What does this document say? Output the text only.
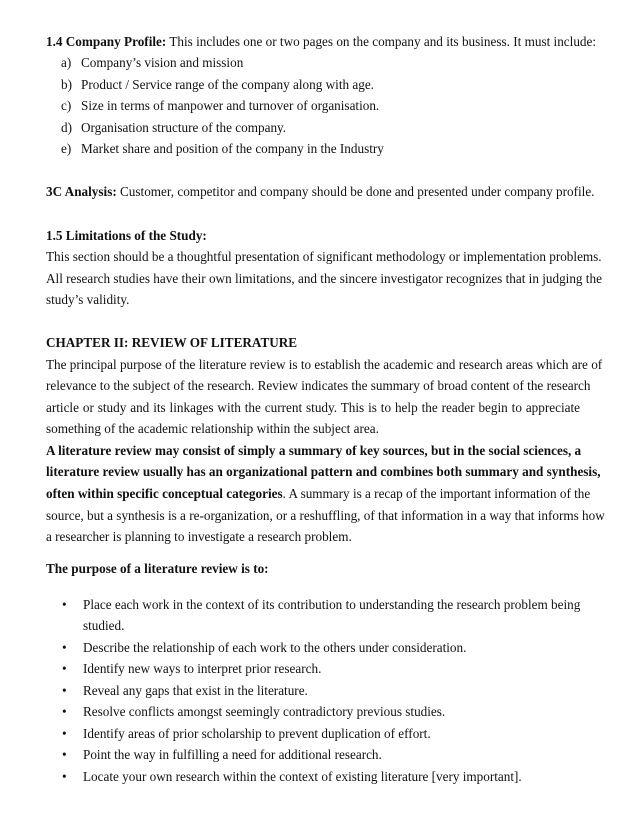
1.4 Company Profile: This includes one or two pages on the company and its business. It must include:
a) Company’s vision and mission
b) Product / Service range of the company along with age.
c) Size in terms of manpower and turnover of organisation.
d) Organisation structure of the company.
e) Market share and position of the company in the Industry
3C Analysis: Customer, competitor and company should be done and presented under company profile.
1.5 Limitations of the Study:
This section should be a thoughtful presentation of significant methodology or implementation problems.
All research studies have their own limitations, and the sincere investigator recognizes that in judging the
study’s validity.
CHAPTER II: REVIEW OF LITERATURE
The principal purpose of the literature review is to establish the academic and research areas which are of
relevance to the subject of the research. Review indicates the summary of broad content of the research
article or study and its linkages with the current study. This is to help the reader begin to appreciate
something of the academic relationship within the subject area.
A literature review may consist of simply a summary of key sources, but in the social sciences, a
literature review usually has an organizational pattern and combines both summary and synthesis,
often within specific conceptual categories. A summary is a recap of the important information of the
source, but a synthesis is a re-organization, or a reshuffling, of that information in a way that informs how
a researcher is planning to investigate a research problem.
The purpose of a literature review is to:
• Place each work in the context of its contribution to understanding the research problem being
studied.
• Describe the relationship of each work to the others under consideration.
• Identify new ways to interpret prior research.
• Reveal any gaps that exist in the literature.
• Resolve conflicts amongst seemingly contradictory previous studies.
• Identify areas of prior scholarship to prevent duplication of effort.
• Point the way in fulfilling a need for additional research.
• Locate your own research within the context of existing literature [very important].
